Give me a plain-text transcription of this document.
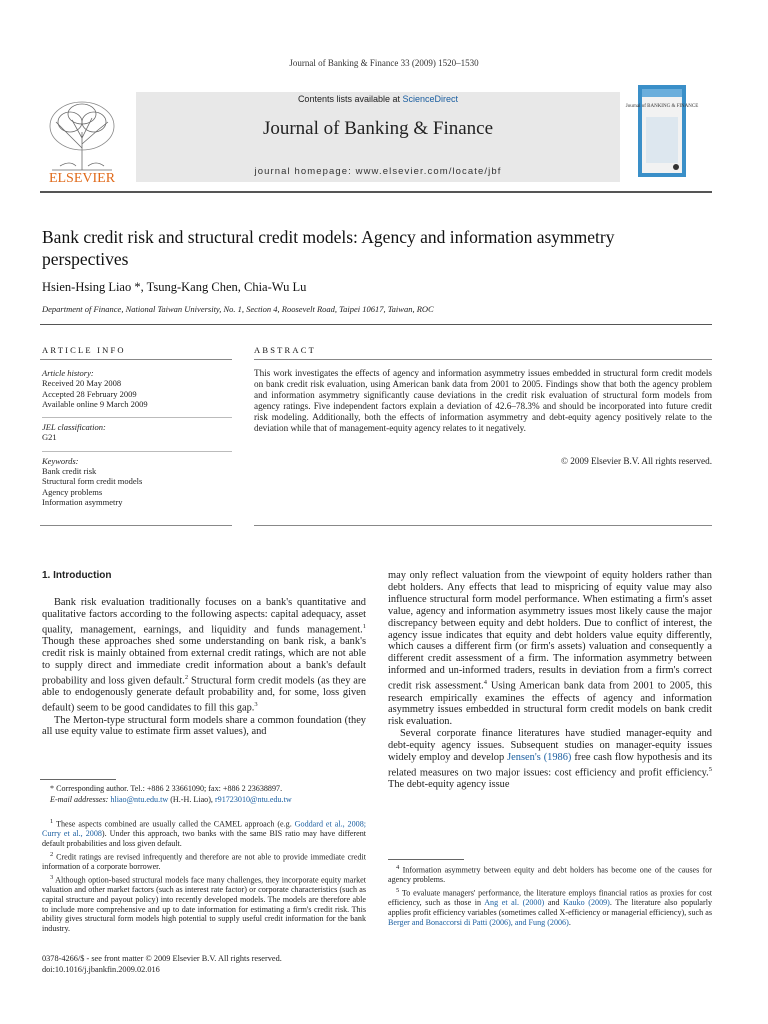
Journal of Banking & Finance 33 (2009) 1520–1530
ELSEVIER
Contents lists available at ScienceDirect
Journal of Banking & Finance
journal homepage: www.elsevier.com/locate/jbf
Journal of BANKING & FINANCE
Bank credit risk and structural credit models: Agency and information asymmetry perspectives
Hsien-Hsing Liao *, Tsung-Kang Chen, Chia-Wu Lu
Department of Finance, National Taiwan University, No. 1, Section 4, Roosevelt Road, Taipei 10617, Taiwan, ROC
ARTICLE INFO
Article history:
Received 20 May 2008
Accepted 28 February 2009
Available online 9 March 2009
JEL classification:
G21
Keywords:
Bank credit risk
Structural form credit models
Agency problems
Information asymmetry
ABSTRACT
This work investigates the effects of agency and information asymmetry issues embedded in structural form credit models on bank credit risk evaluation, using American bank data from 2001 to 2005. Findings show that both the agency problem and information asymmetry significantly cause deviations in the credit risk evaluation of structural form models from agency ratings. Five independent factors explain a deviation of 42.6–78.3% and should be incorporated into future credit risk modeling. Additionally, both the effects of information asymmetry and debt-equity agency positively relate to the deviation while that of management-equity agency relates to it negatively.
© 2009 Elsevier B.V. All rights reserved.
1. Introduction

Bank risk evaluation traditionally focuses on a bank's quantitative and qualitative factors according to the following aspects: capital adequacy, asset quality, management, earnings, and liquidity and funds management.$^1$ Though these approaches shed some understanding on bank risk, a bank's credit risk is mainly obtained from external credit ratings, which are not able to supply direct and immediate credit information about a bank's default probability and loss given default.$^2$ Structural form credit models (as they are able to endogenously generate default probability and, for some, loss given default) seem to be good candidates to fill this gap.$^3$

The Merton-type structural form models share a common foundation (they all use equity value to estimate firm asset values), and

may only reflect valuation from the viewpoint of equity holders rather than debt holders. Any effects that lead to mispricing of equity value may also influence structural form model performance. When estimating a firm's asset value, agency and information asymmetry issues most likely cause the major discrepancy between equity and debt holders. Due to conflict of interest, the agency issue indicates that equity and debt holders value equity differently, which causes a different firm (or firm's assets) valuation and consequently a different credit assessment of a firm. The information asymmetry between informed and un-informed traders, results in deviation from a firm's correct credit risk assessment.$^4$ Using American bank data from 2001 to 2005, this research empirically examines the effects of agency and information asymmetry issues embedded in structural form credit models on bank credit risk evaluation.

Several corporate finance literatures have studied manager-equity and debt-equity agency issues. Subsequent studies on manager-equity issues widely employ and develop Jensen's (1986) free cash flow hypothesis and its related measures on two major issues: cost efficiency and profit efficiency.$^5$ The debt-equity agency issue

* Corresponding author. Tel.: +886 2 33661090; fax: +886 2 23638897.

E-mail addresses: hliao@ntu.edu.tw (H.-H. Liao), r91723010@ntu.edu.tw

$^1$ These aspects combined are usually called the CAMEL approach (e.g. Goddard et al., 2008; Curry et al., 2008). Under this approach, two banks with the same BIS ratio may have different default probabilities and loss given default.

$^2$ Credit ratings are revised infrequently and therefore are not able to provide immediate credit information of a corporate borrower.

$^3$ Although option-based structural models face many challenges, they incorporate equity market valuation and other market factors (such as interest rate factor) or corporate characteristics (such as capital structure and payout policy) into recently developed models. The models are therefore able to include more comprehensive and up to date information for estimating a firm's credit risk. This ability gives structural form models high potential to supply useful credit information for the bank industry.

$^4$ Information asymmetry between equity and debt holders has become one of the causes for agency problems.

$^5$ To evaluate managers' performance, the literature employs financial ratios as proxies for cost efficiency, such as those in Ang et al. (2000) and Kauko (2009). The literature also popularly applies profit efficiency variables (sometimes called X-efficiency or managerial efficiency), such as Berger and Bonaccorsi di Patti (2006), and Fung (2006).

0378-4266/$ - see front matter © 2009 Elsevier B.V. All rights reserved.
doi:10.1016/j.jbankfin.2009.02.016
